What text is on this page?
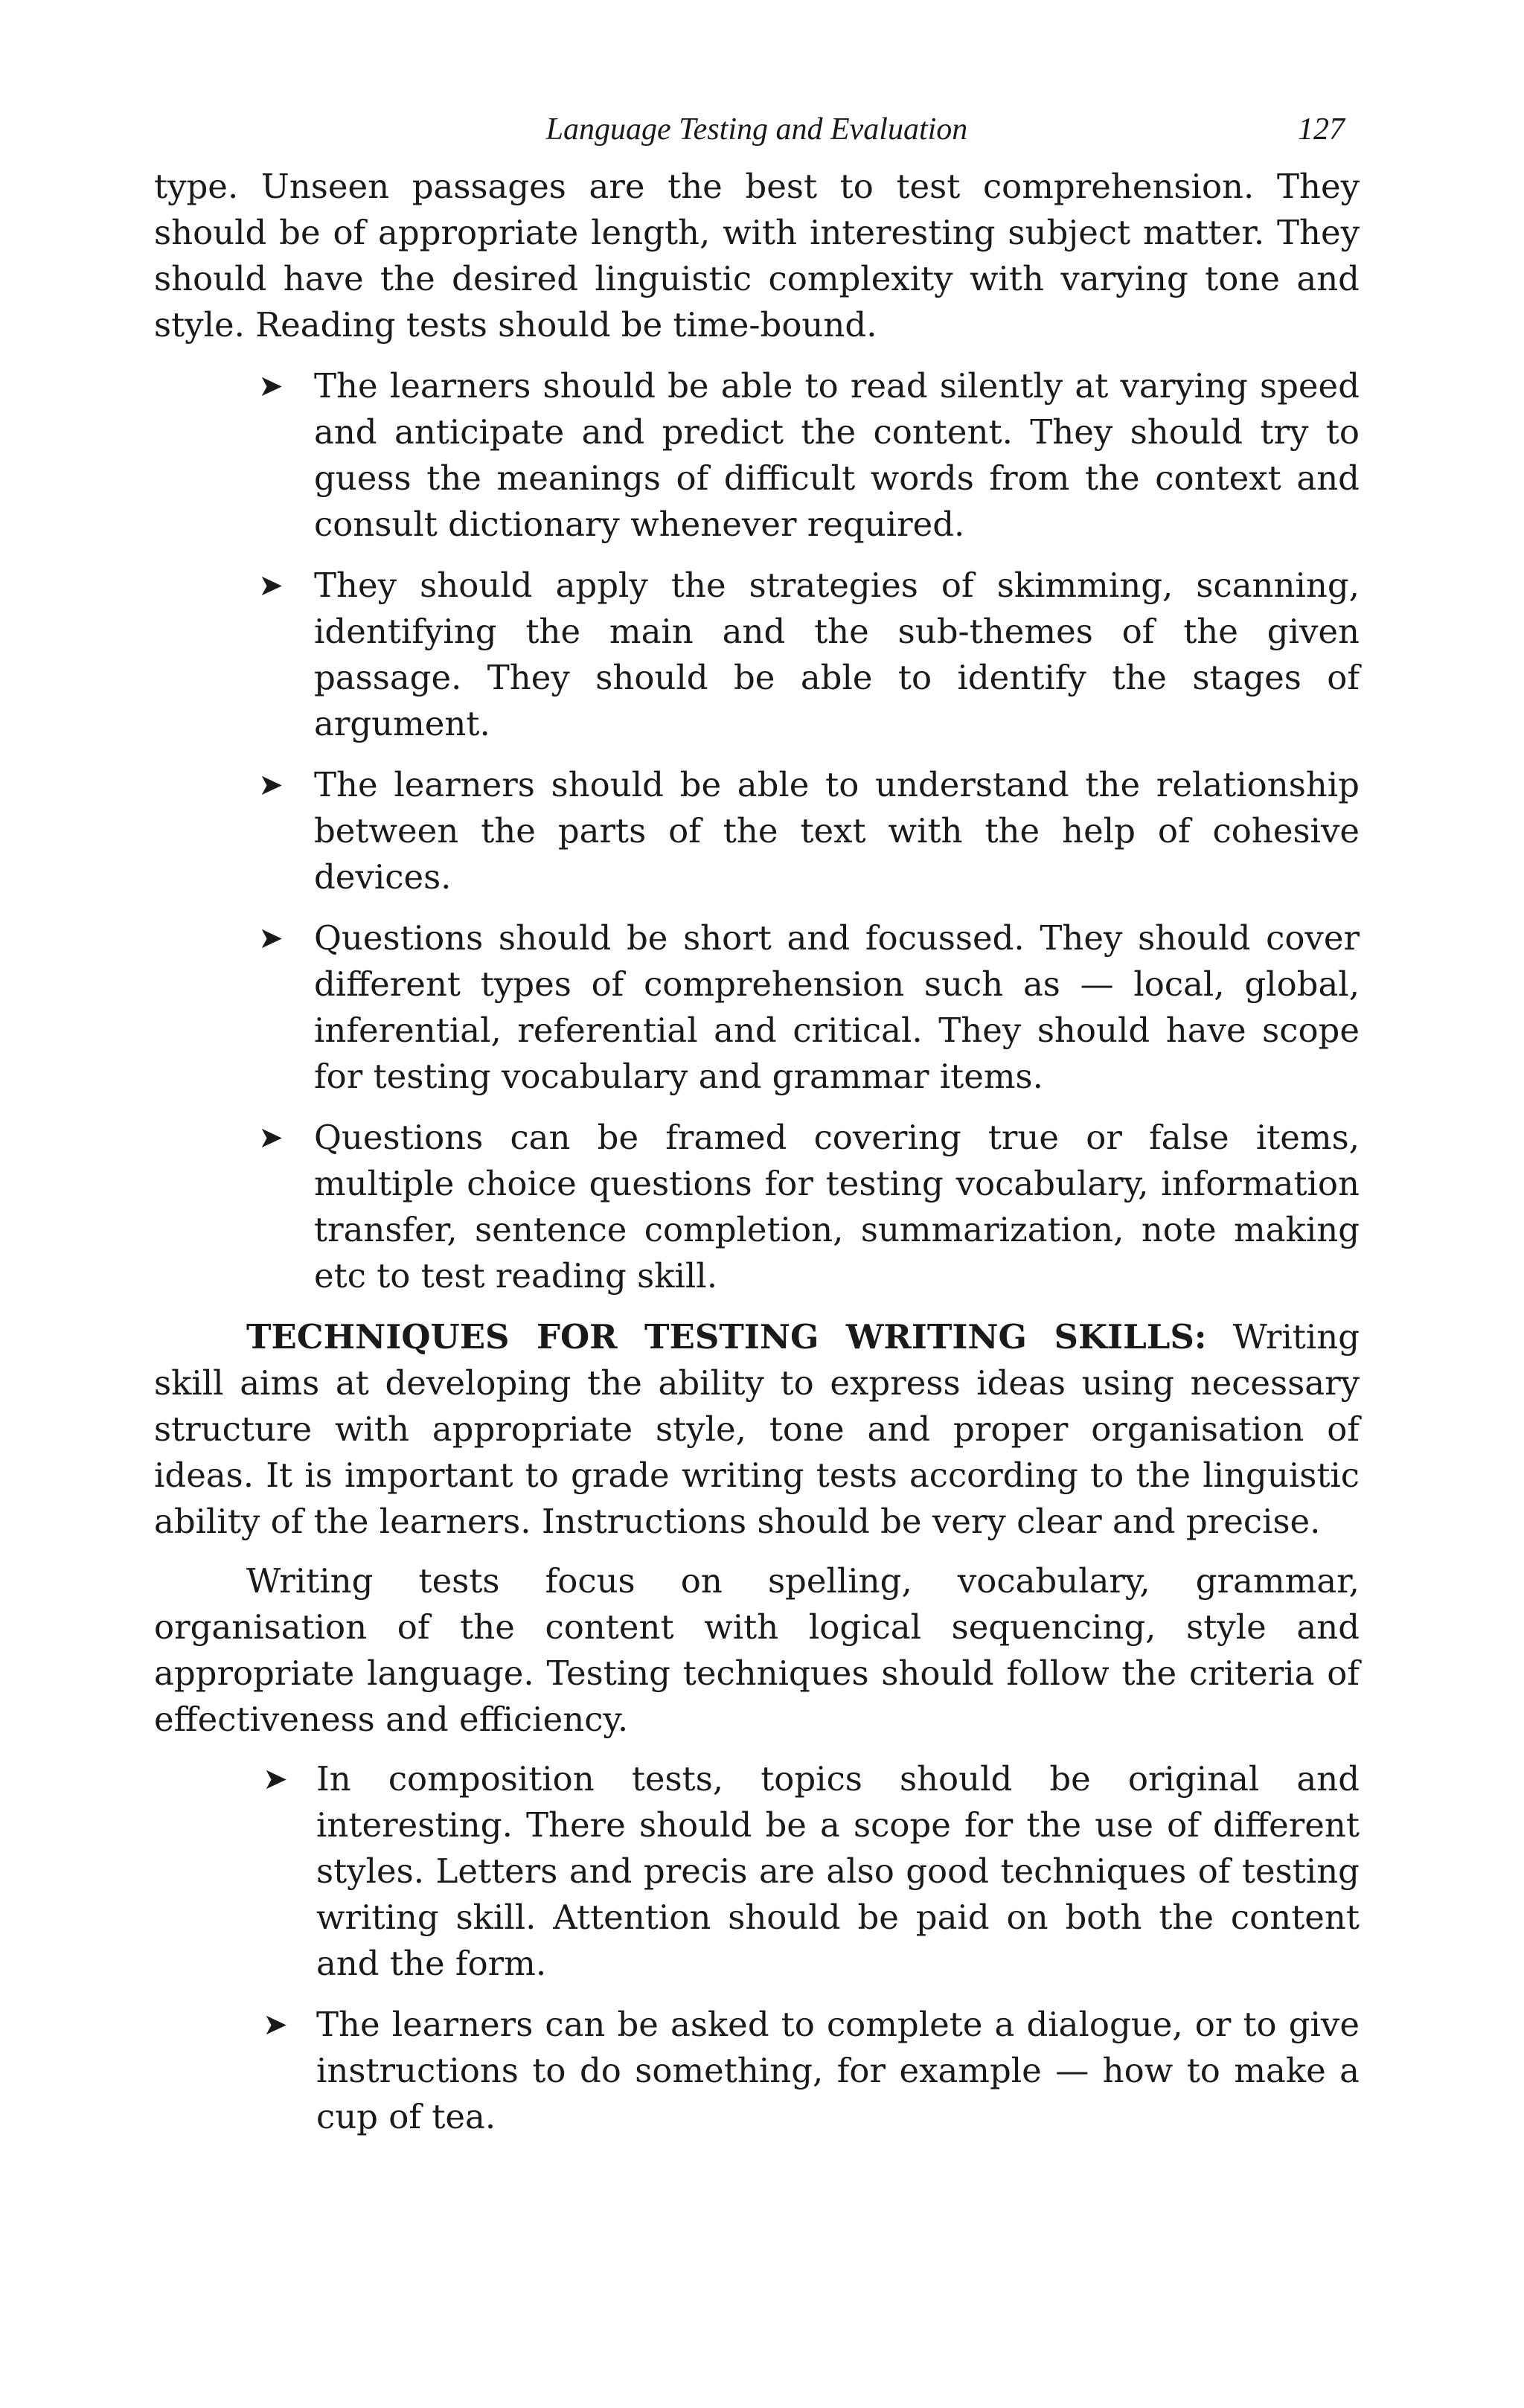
Language Testing and Evaluation	127

type. Unseen passages are the best to test comprehension. They should be of appropriate length, with interesting subject matter. They should have the desired linguistic complexity with varying tone and style. Reading tests should be time-bound.

➤ The learners should be able to read silently at varying speed and anticipate and predict the content. They should try to guess the meanings of difficult words from the context and consult dictionary whenever required.
➤ They should apply the strategies of skimming, scanning, identifying the main and the sub-themes of the given passage. They should be able to identify the stages of argument.
➤ The learners should be able to understand the relationship between the parts of the text with the help of cohesive devices.
➤ Questions should be short and focussed. They should cover different types of comprehension such as — local, global, inferential, referential and critical. They should have scope for testing vocabulary and grammar items.
➤ Questions can be framed covering true or false items, multiple choice questions for testing vocabulary, information transfer, sentence completion, summarization, note making etc to test reading skill.

TECHNIQUES FOR TESTING WRITING SKILLS: Writing skill aims at developing the ability to express ideas using necessary structure with appropriate style, tone and proper organisation of ideas. It is important to grade writing tests according to the linguistic ability of the learners. Instructions should be very clear and precise.

Writing tests focus on spelling, vocabulary, grammar, organisation of the content with logical sequencing, style and appropriate language. Testing techniques should follow the criteria of effectiveness and efficiency.

➤ In composition tests, topics should be original and interesting. There should be a scope for the use of different styles. Letters and precis are also good techniques of testing writing skill. Attention should be paid on both the content and the form.
➤ The learners can be asked to complete a dialogue, or to give instructions to do something, for example — how to make a cup of tea.
